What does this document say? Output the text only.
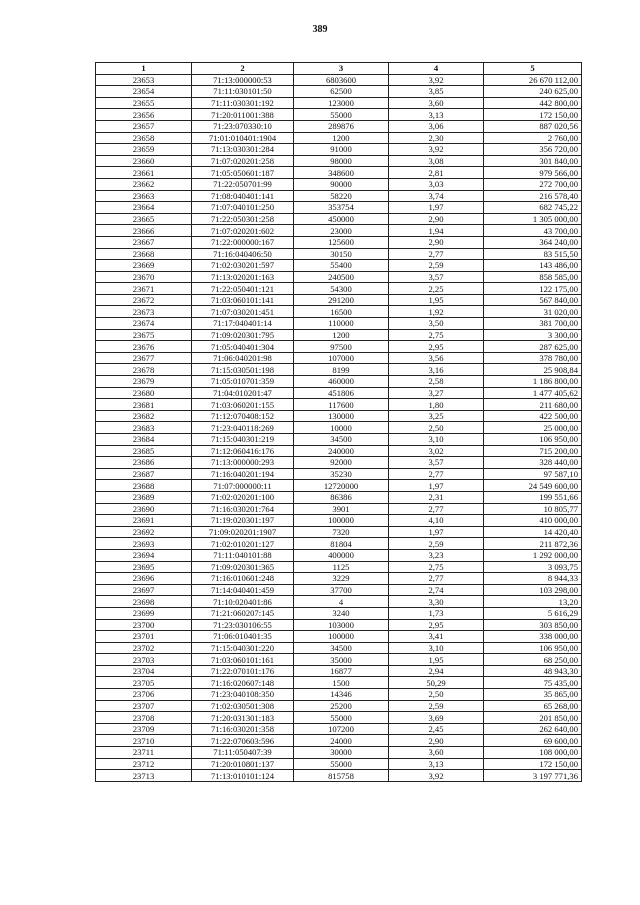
389
1	2	3	4	5
23653	71:13:000000:53	6803600	3,92	26 670 112,00
23654	71:11:030101:50	62500	3,85	240 625,00
23655	71:11:030301:192	123000	3,60	442 800,00
23656	71:20:011001:388	55000	3,13	172 150,00
23657	71:23:070330:10	289876	3,06	887 020,56
23658	71:01:010401:1904	1200	2,30	2 760,00
23659	71:13:030301:284	91000	3,92	356 720,00
23660	71:07:020201:258	98000	3,08	301 840,00
23661	71:05:050601:187	348600	2,81	979 566,00
23662	71:22:050701:99	90000	3,03	272 700,00
23663	71:08:040401:141	58220	3,74	216 578,40
23664	71:07:040101:250	353754	1,97	682 745,22
23665	71:22:050301:258	450000	2,90	1 305 000,00
23666	71:07:020201:602	23000	1,94	43 700,00
23667	71:22:000000:167	125600	2,90	364 240,00
23668	71:16:040406:50	30150	2,77	83 515,50
23669	71:02:030201:597	55400	2,59	143 486,00
23670	71:13:020201:163	240500	3,57	858 585,00
23671	71:22:050401:121	54300	2,25	122 175,00
23672	71:03:060101:141	291200	1,95	567 840,00
23673	71:07:030201:451	16500	1,92	31 020,00
23674	71:17:040401:14	110000	3,50	381 700,00
23675	71:09:020301:795	1200	2,75	3 300,00
23676	71:05:040401:304	97500	2,95	287 625,00
23677	71:06:040201:98	107000	3,56	378 780,00
23678	71:15:030501:198	8199	3,16	25 908,84
23679	71:05:010701:359	460000	2,58	1 186 800,00
23680	71:04:010201:47	451806	3,27	1 477 405,62
23681	71:03:060201:155	117600	1,80	211 680,00
23682	71:12:070408:152	130000	3,25	422 500,00
23683	71:23:040118:269	10000	2,50	25 000,00
23684	71:15:040301:219	34500	3,10	106 950,00
23685	71:12:060416:176	240000	3,02	715 200,00
23686	71:13:000000:293	92000	3,57	328 440,00
23687	71:16:040201:194	35230	2,77	97 587,10
23688	71:07:000000:11	12720000	1,97	24 549 600,00
23689	71:02:020201:100	86386	2,31	199 551,66
23690	71:16:030201:764	3901	2,77	10 805,77
23691	71:19:020301:197	100000	4,10	410 000,00
23692	71:09:020201:1907	7320	1,97	14 420,40
23693	71:02:010201:127	81804	2,59	211 872,36
23694	71:11:040101:88	400000	3,23	1 292 000,00
23695	71:09:020301:365	1125	2,75	3 093,75
23696	71:16:010601:248	3229	2,77	8 944,33
23697	71:14:040401:459	37700	2,74	103 298,00
23698	71:10:020401:86	4	3,30	13,20
23699	71:21:060207:145	3240	1,73	5 616,29
23700	71:23:030106:55	103000	2,95	303 850,00
23701	71:06:010401:35	100000	3,41	338 000,00
23702	71:15:040301:220	34500	3,10	106 950,00
23703	71:03:060101:161	35000	1,95	68 250,00
23704	71:22:070101:176	16877	2,94	48 943,30
23705	71:16:020607:148	1500	50,29	75 435,00
23706	71:23:040108:350	14346	2,50	35 865,00
23707	71:02:030501:308	25200	2,59	65 268,00
23708	71:20:031301:183	55000	3,69	201 850,00
23709	71:16:030201:358	107200	2,45	262 640,00
23710	71:22:070603:596	24000	2,90	69 600,00
23711	71:11:050407:39	30000	3,60	108 000,00
23712	71:20:010801:137	55000	3,13	172 150,00
23713	71:13:010101:124	815758	3,92	3 197 771,36
